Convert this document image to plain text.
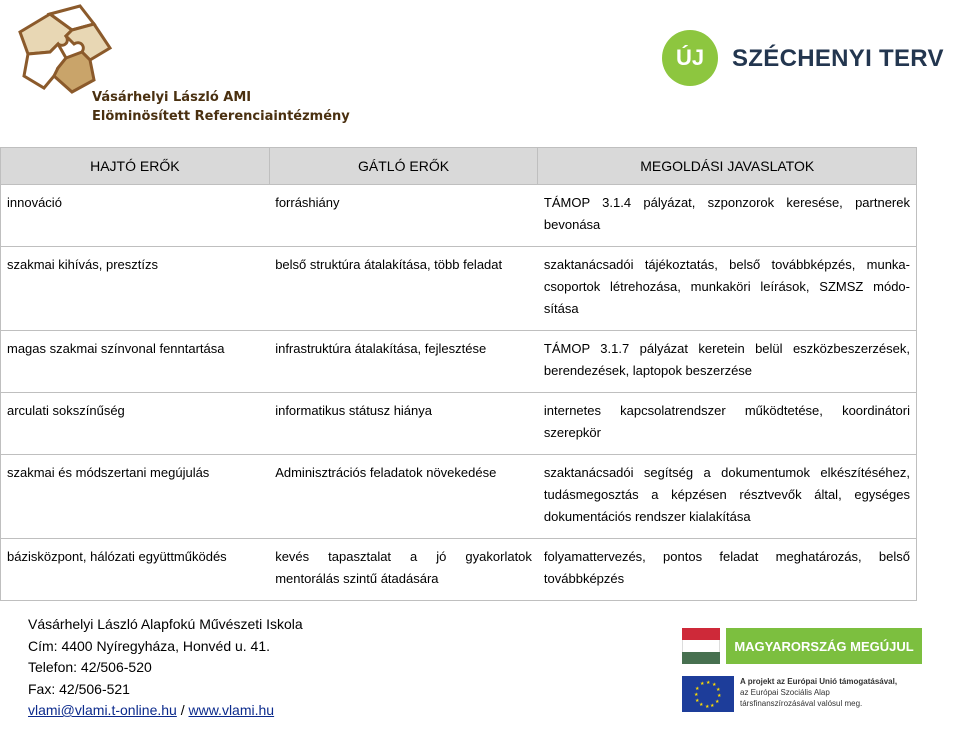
Vásárhelyi László AMI
Elöminösített Referenciaintézmény
ÚJ	SZÉCHENYI TERV
HAJTÓ ERŐK	GÁTLÓ ERŐK	MEGOLDÁSI JAVASLATOK
innováció	forráshiány	TÁMOP 3.1.4 pályázat, szponzorok keresése, partnerek bevonása
szakmai kihívás, presztízs	belső struktúra átalakítása, több feladat	szaktanácsadói tájékoztatás, belső továbbképzés, munka-csoportok létrehozása, munkaköri leírások, SZMSZ módo-sítása
magas szakmai színvonal fenntartása	infrastruktúra átalakítása, fejlesztése	TÁMOP 3.1.7 pályázat keretein belül eszközbeszerzések, berendezések, laptopok beszerzése
arculati sokszínűség	informatikus státusz hiánya	internetes kapcsolatrendszer működtetése, koordinátori szerepkör
szakmai és módszertani megújulás	Adminisztrációs feladatok növekedése	szaktanácsadói segítség a dokumentumok elkészítéséhez, tudásmegosztás a képzésen résztvevők által, egységes dokumentációs rendszer kialakítása
bázisközpont, hálózati együttműködés	kevés tapasztalat a jó gyakorlatok mentorálás szintű átadására	folyamattervezés, pontos feladat meghatározás, belső továbbképzés
Vásárhelyi László Alapfokú Művészeti Iskola
Cím: 4400 Nyíregyháza, Honvéd u. 41.
Telefon: 42/506-520
Fax: 42/506-521
vlami@vlami.t-online.hu / www.vlami.hu
MAGYARORSZÁG MEGÚJUL
★ ★
★
★
★
★
★
★
★
★
★
★	A projekt az Európai Unió támogatásával,
az Európai Szociális Alap
társfinanszírozásával valósul meg.
